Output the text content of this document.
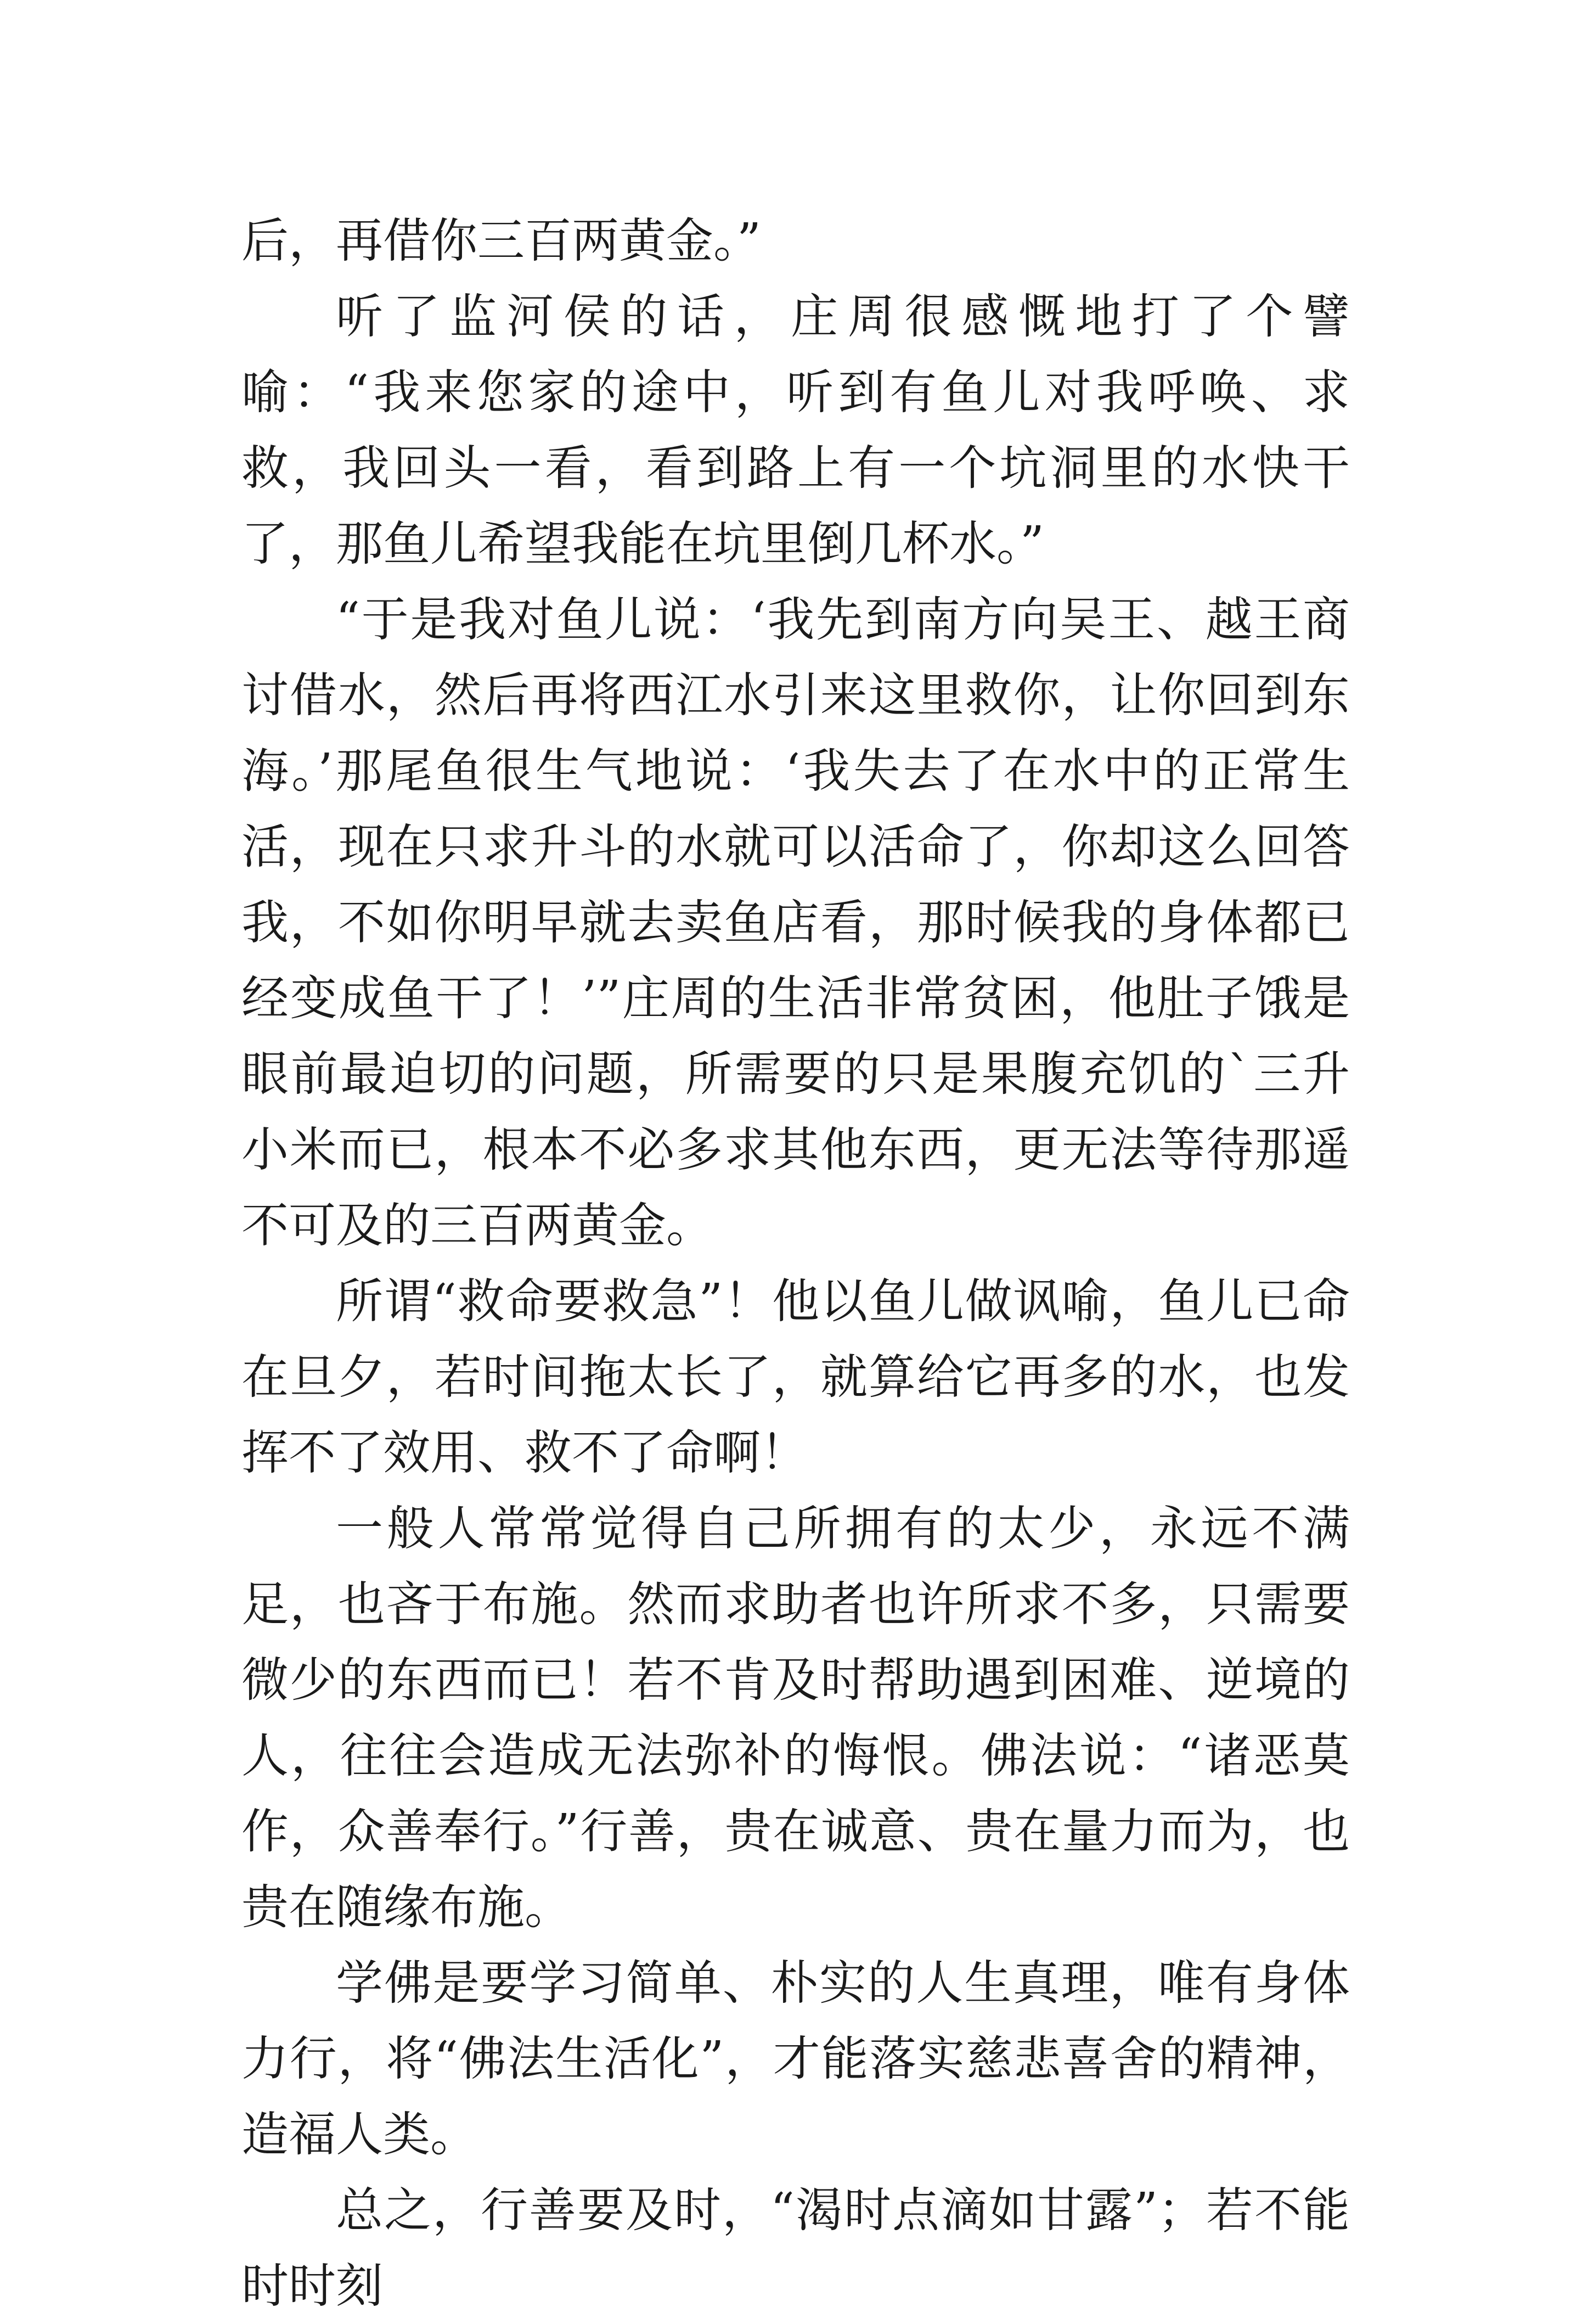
后，再借你三百两黄金。”

听了监河侯的话，庄周很感慨地打了个譬喻：“我来您家的途中，听到有鱼儿对我呼唤、求救，我回头一看，看到路上有一个坑洞里的水快干了，那鱼儿希望我能在坑里倒几杯水。”

“于是我对鱼儿说：‘我先到南方向吴王、越王商讨借水，然后再将西江水引来这里救你，让你回到东海。’那尾鱼很生气地说：‘我失去了在水中的正常生活，现在只求升斗的水就可以活命了，你却这么回答我，不如你明早就去卖鱼店看，那时候我的身体都已经变成鱼干了！’”庄周的生活非常贫困，他肚子饿是眼前最迫切的问题，所需要的只是果腹充饥的`三升小米而已，根本不必多求其他东西，更无法等待那遥不可及的三百两黄金。

所谓“救命要救急”！他以鱼儿做讽喻，鱼儿已命在旦夕，若时间拖太长了，就算给它再多的水，也发挥不了效用、救不了命啊！

一般人常常觉得自己所拥有的太少，永远不满足，也吝于布施。然而求助者也许所求不多，只需要微少的东西而已！若不肯及时帮助遇到困难、逆境的人，往往会造成无法弥补的悔恨。佛法说：“诸恶莫作，众善奉行。”行善，贵在诚意、贵在量力而为，也贵在随缘布施。

学佛是要学习简单、朴实的人生真理，唯有身体力行，将“佛法生活化”，才能落实慈悲喜舍的精神，造福人类。

总之，行善要及时，“渴时点滴如甘露”；若不能时时刻
